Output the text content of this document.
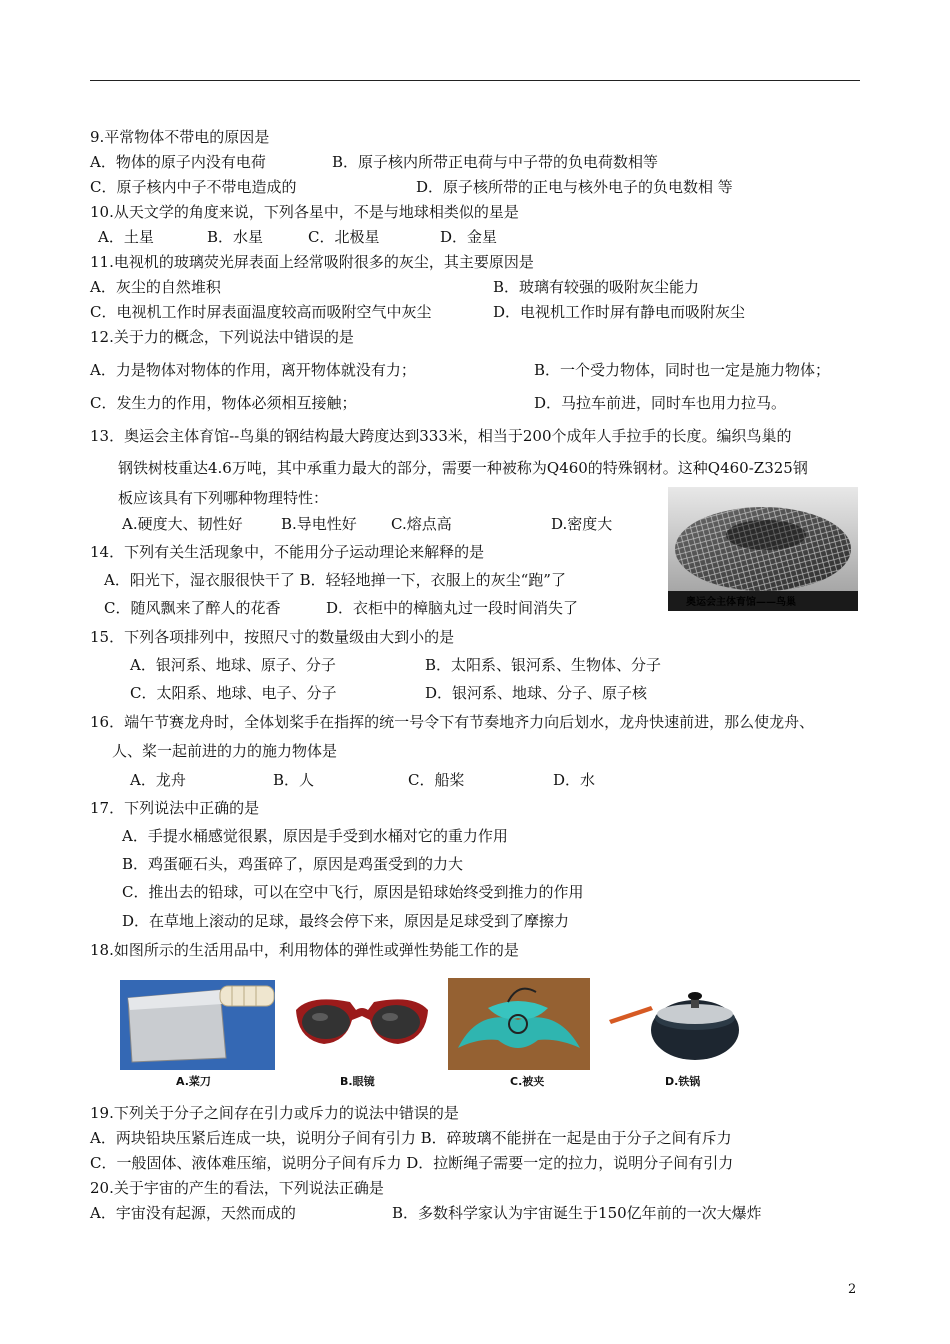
9.平常物体不带电的原因是
A．物体的原子内没有电荷	B．原子核内所带正电荷与中子带的负电荷数相等
C．原子核内中子不带电造成的	D．原子核所带的正电与核外电子的负电数相 等
10.从天文学的角度来说，下列各星中，不是与地球相类似的星是
A．土星	B．水星	C．北极星	D．金星
11.电视机的玻璃荧光屏表面上经常吸附很多的灰尘，其主要原因是
A．灰尘的自然堆积	B．玻璃有较强的吸附灰尘能力
C．电视机工作时屏表面温度较高而吸附空气中灰尘	D．电视机工作时屏有静电而吸附灰尘
12.关于力的概念，下列说法中错误的是
A．力是物体对物体的作用，离开物体就没有力；	B．一个受力物体，同时也一定是施力物体；
C．发生力的作用，物体必须相互接触；	D．马拉车前进，同时车也用力拉马。
13．奥运会主体育馆--鸟巢的钢结构最大跨度达到333米，相当于200个成年人手拉手的长度。编织鸟巢的
钢铁树枝重达4.6万吨，其中承重力最大的部分，需要一种被称为Q460的特殊钢材。这种Q460-Z325钢
板应该具有下列哪种物理特性：
A.硬度大、韧性好	B.导电性好 C.熔点高	D.密度大
奥运会主体育馆——鸟巢
14．下列有关生活现象中，不能用分子运动理论来解释的是
A．阳光下，湿衣服很快干了 B．轻轻地掸一下，衣服上的灰尘“跑”了
C．随风飘来了醉人的花香	D．衣柜中的樟脑丸过一段时间消失了
15．下列各项排列中，按照尺寸的数量级由大到小的是
A．银河系、地球、原子、分子	B．太阳系、银河系、生物体、分子
C．太阳系、地球、电子、分子	D．银河系、地球、分子、原子核
16．端午节赛龙舟时，全体划桨手在指挥的统一号令下有节奏地齐力向后划水，龙舟快速前进，那么使龙舟、
人、桨一起前进的力的施力物体是
A．龙舟	B．人	C．船桨	D．水
17．下列说法中正确的是
A．手提水桶感觉很累，原因是手受到水桶对它的重力作用
B．鸡蛋砸石头，鸡蛋碎了，原因是鸡蛋受到的力大
C．推出去的铅球，可以在空中飞行，原因是铅球始终受到推力的作用
D．在草地上滚动的足球，最终会停下来，原因是足球受到了摩擦力
18.如图所示的生活用品中，利用物体的弹性或弹性势能工作的是
A.菜刀	B.眼镜	C.被夹	D.铁锅
19.下列关于分子之间存在引力或斥力的说法中错误的是
A．两块铅块压紧后连成一块，说明分子间有引力 B．碎玻璃不能拼在一起是由于分子之间有斥力
C．一般固体、液体难压缩，说明分子间有斥力 D．拉断绳子需要一定的拉力，说明分子间有引力
20.关于宇宙的产生的看法，下列说法正确是
A．宇宙没有起源，天然而成的	B．多数科学家认为宇宙诞生于150亿年前的一次大爆炸
2
